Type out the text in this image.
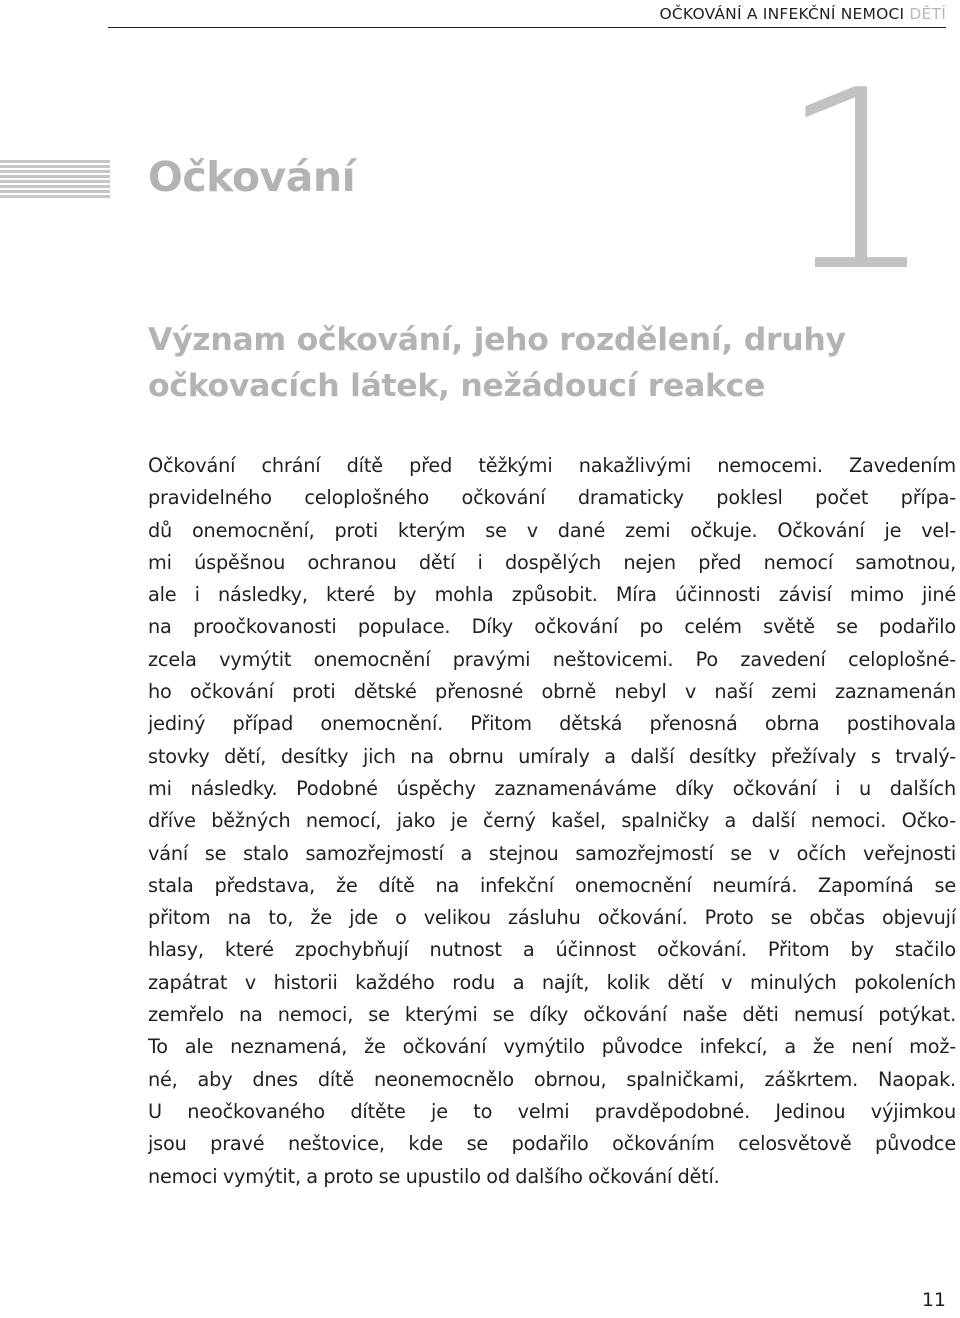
OČKOVÁNÍ A INFEKČNÍ NEMOCI DĚTÍ
1
Očkování
Význam očkování, jeho rozdělení, druhy
očkovacích látek, nežádoucí reakce
Očkování chrání dítě před těžkými nakažlivými nemocemi. Zavedením
pravidelného celoplošného očkování dramaticky poklesl počet přípa-
dů onemocnění, proti kterým se v dané zemi očkuje. Očkování je vel-
mi úspěšnou ochranou dětí i dospělých nejen před nemocí samotnou,
ale i následky, které by mohla způsobit. Míra účinnosti závisí mimo jiné
na proočkovanosti populace. Díky očkování po celém světě se podařilo
zcela vymýtit onemocnění pravými neštovicemi. Po zavedení celoplošné-
ho očkování proti dětské přenosné obrně nebyl v naší zemi zaznamenán
jediný případ onemocnění. Přitom dětská přenosná obrna postihovala
stovky dětí, desítky jich na obrnu umíraly a další desítky přežívaly s trvalý-
mi následky. Podobné úspěchy zaznamenáváme díky očkování i u dalších
dříve běžných nemocí, jako je černý kašel, spalničky a další nemoci. Očko-
vání se stalo samozřejmostí a stejnou samozřejmostí se v očích veřejnosti
stala představa, že dítě na infekční onemocnění neumírá. Zapomíná se
přitom na to, že jde o velikou zásluhu očkování. Proto se občas objevují
hlasy, které zpochybňují nutnost a účinnost očkování. Přitom by stačilo
zapátrat v historii každého rodu a najít, kolik dětí v minulých pokoleních
zemřelo na nemoci, se kterými se díky očkování naše děti nemusí potýkat.
To ale neznamená, že očkování vymýtilo původce infekcí, a že není mož-
né, aby dnes dítě neonemocnělo obrnou, spalničkami, záškrtem. Naopak.
U neočkovaného dítěte je to velmi pravděpodobné. Jedinou výjimkou
jsou pravé neštovice, kde se podařilo očkováním celosvětově původce
nemoci vymýtit, a proto se upustilo od dalšího očkování dětí.
11
